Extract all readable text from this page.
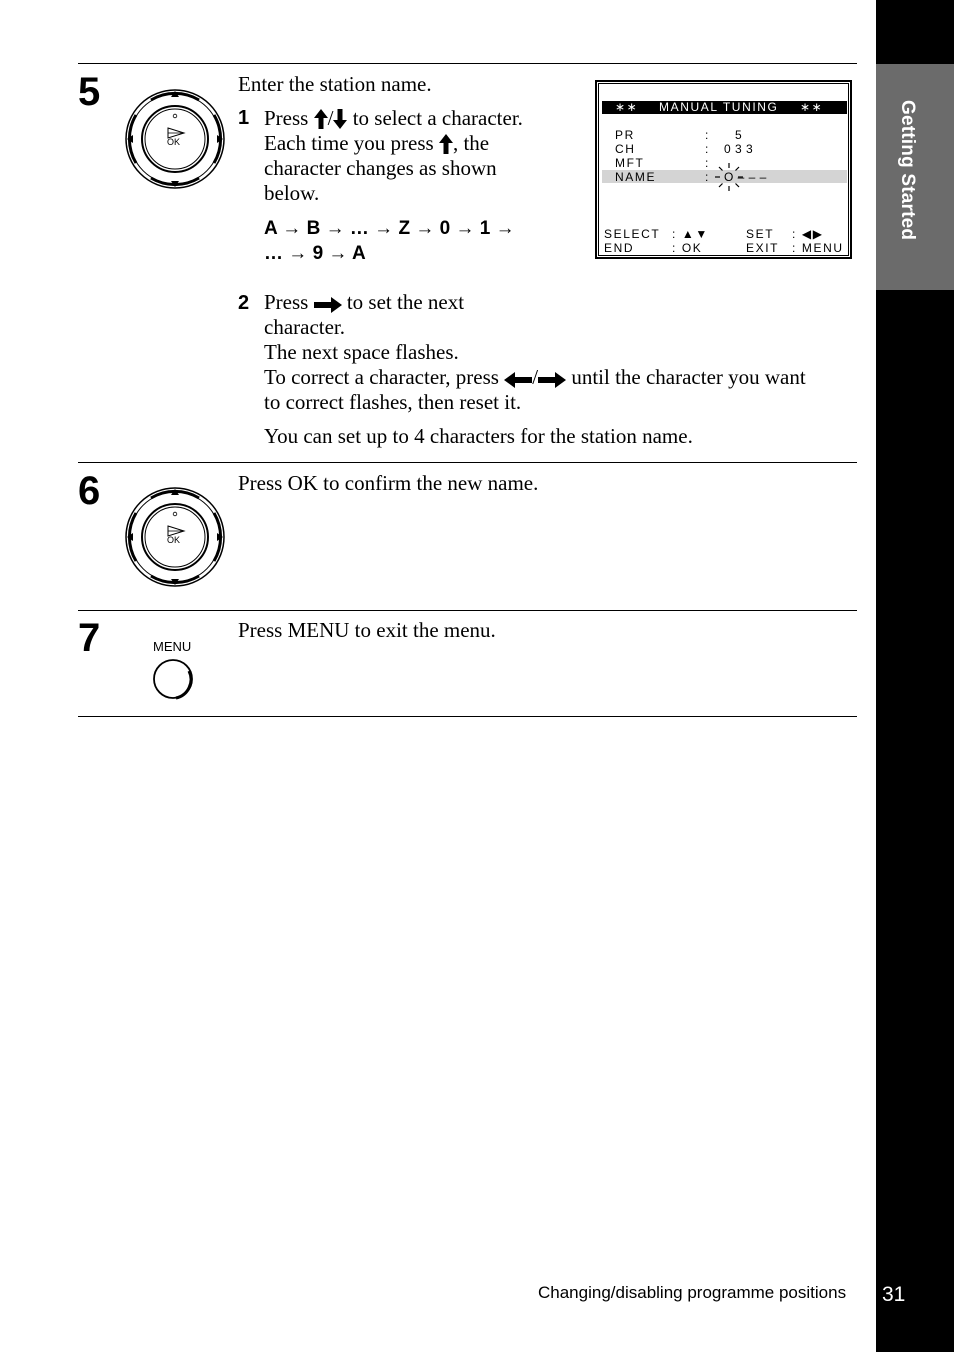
Getting Started
5
OK
Enter the station name.
1 Press / to select a character.
Each time you press , the
character changes as shown
below.
A → B → … → Z → 0 → 1 →
… → 9 → A
∗∗ MANUAL TUNING ∗∗
PR	: 5
CH	: 0 3 3
MFT	:
NAME	: O – – –
SELECT : ▲▼	SET : ◀▶
END	: OK	EXIT : MENU
2 Press to set the next
character.
The next space flashes.
To correct a character, press / until the character you want
to correct flashes, then reset it.
You can set up to 4 characters for the station name.
6
OK
Press OK to confirm the new name.
7	MENU
Press MENU to exit the menu.
Changing/disabling programme positions 31
